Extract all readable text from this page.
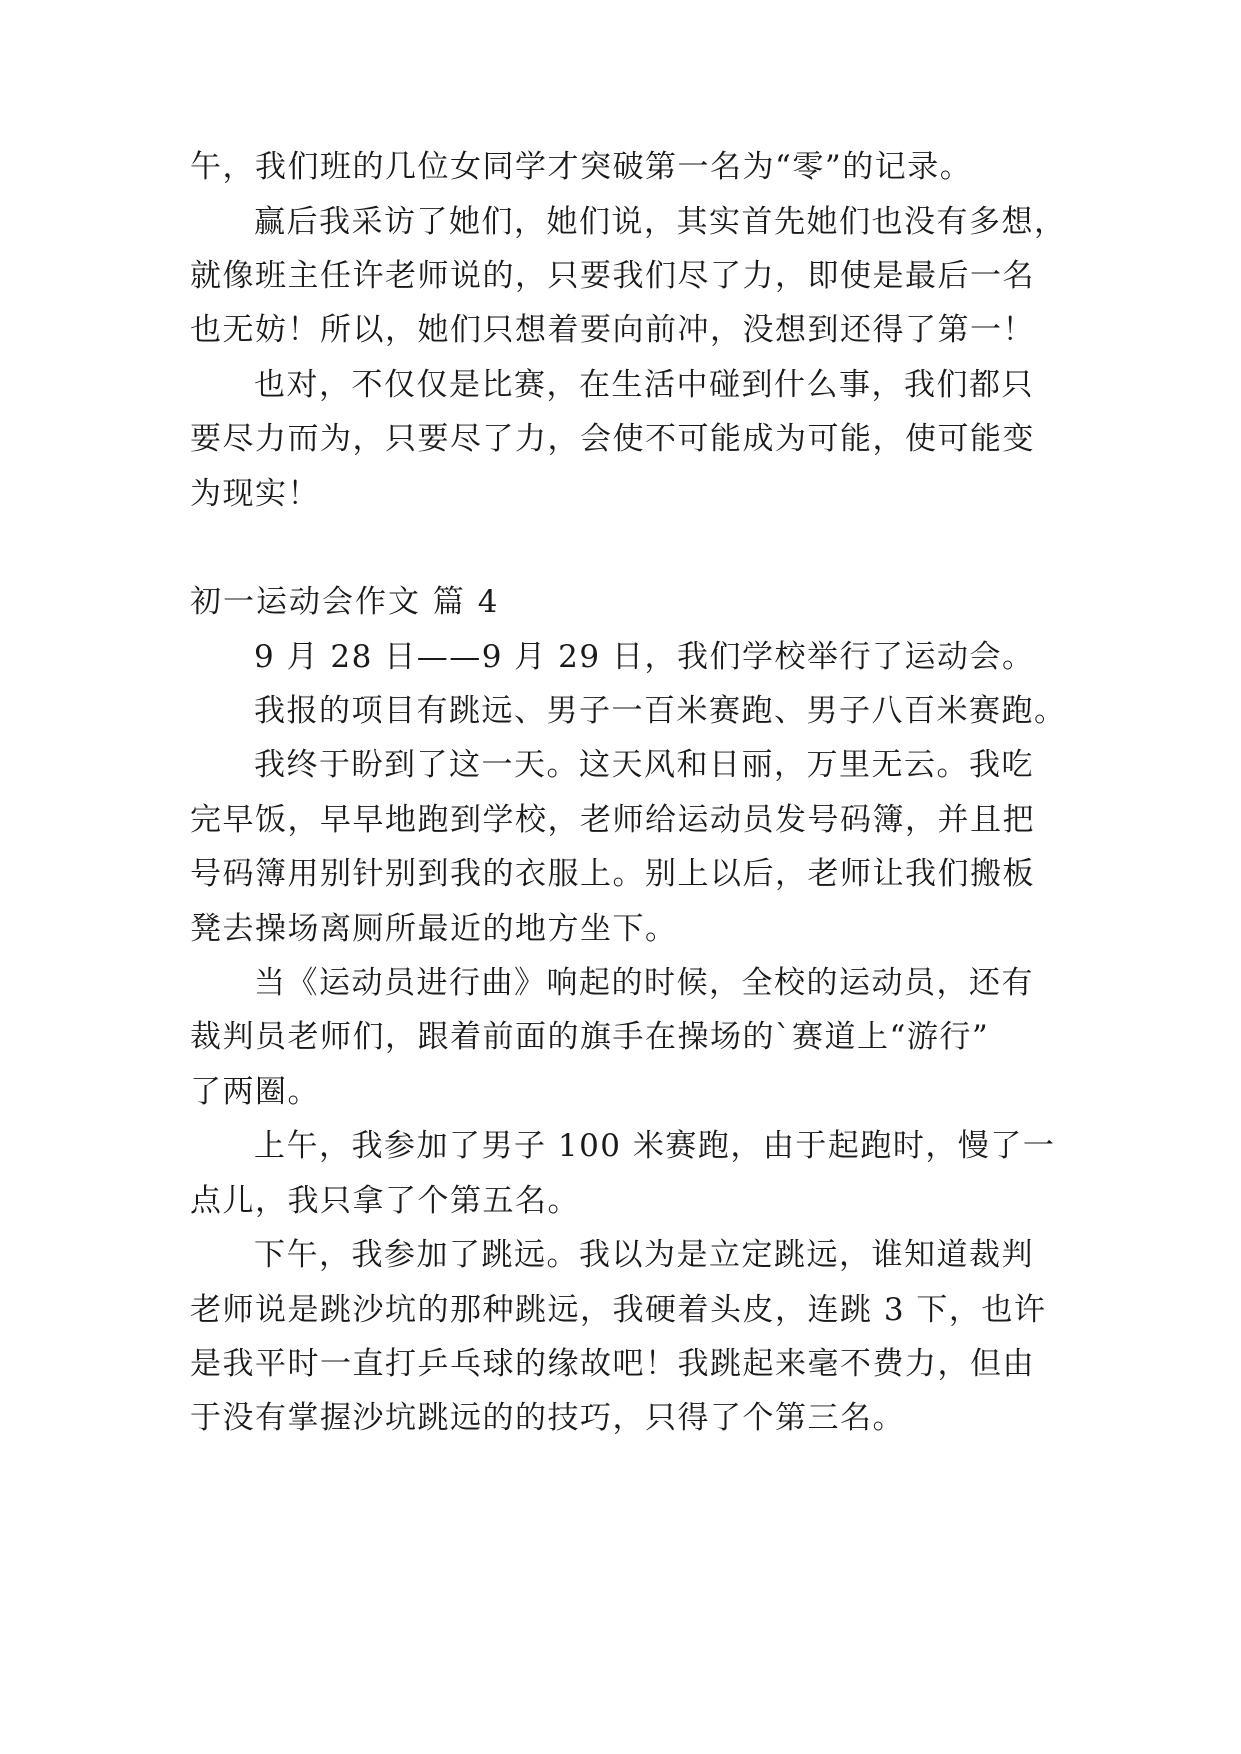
午，我们班的几位女同学才突破第一名为“零”的记录。
赢后我采访了她们，她们说，其实首先她们也没有多想，
就像班主任许老师说的，只要我们尽了力，即使是最后一名
也无妨！所以，她们只想着要向前冲，没想到还得了第一！
也对，不仅仅是比赛，在生活中碰到什么事，我们都只
要尽力而为，只要尽了力，会使不可能成为可能，使可能变
为现实！
初一运动会作文 篇 4
9 月 28 日——9 月 29 日，我们学校举行了运动会。
我报的项目有跳远、男子一百米赛跑、男子八百米赛跑。
我终于盼到了这一天。这天风和日丽，万里无云。我吃
完早饭，早早地跑到学校，老师给运动员发号码簿，并且把
号码簿用别针别到我的衣服上。别上以后，老师让我们搬板
凳去操场离厕所最近的地方坐下。
当《运动员进行曲》响起的时候，全校的运动员，还有
裁判员老师们，跟着前面的旗手在操场的`赛道上“游行”
了两圈。
上午，我参加了男子 100 米赛跑，由于起跑时，慢了一
点儿，我只拿了个第五名。
下午，我参加了跳远。我以为是立定跳远，谁知道裁判
老师说是跳沙坑的那种跳远，我硬着头皮，连跳 3 下，也许
是我平时一直打乒乓球的缘故吧！我跳起来毫不费力，但由
于没有掌握沙坑跳远的的技巧，只得了个第三名。
